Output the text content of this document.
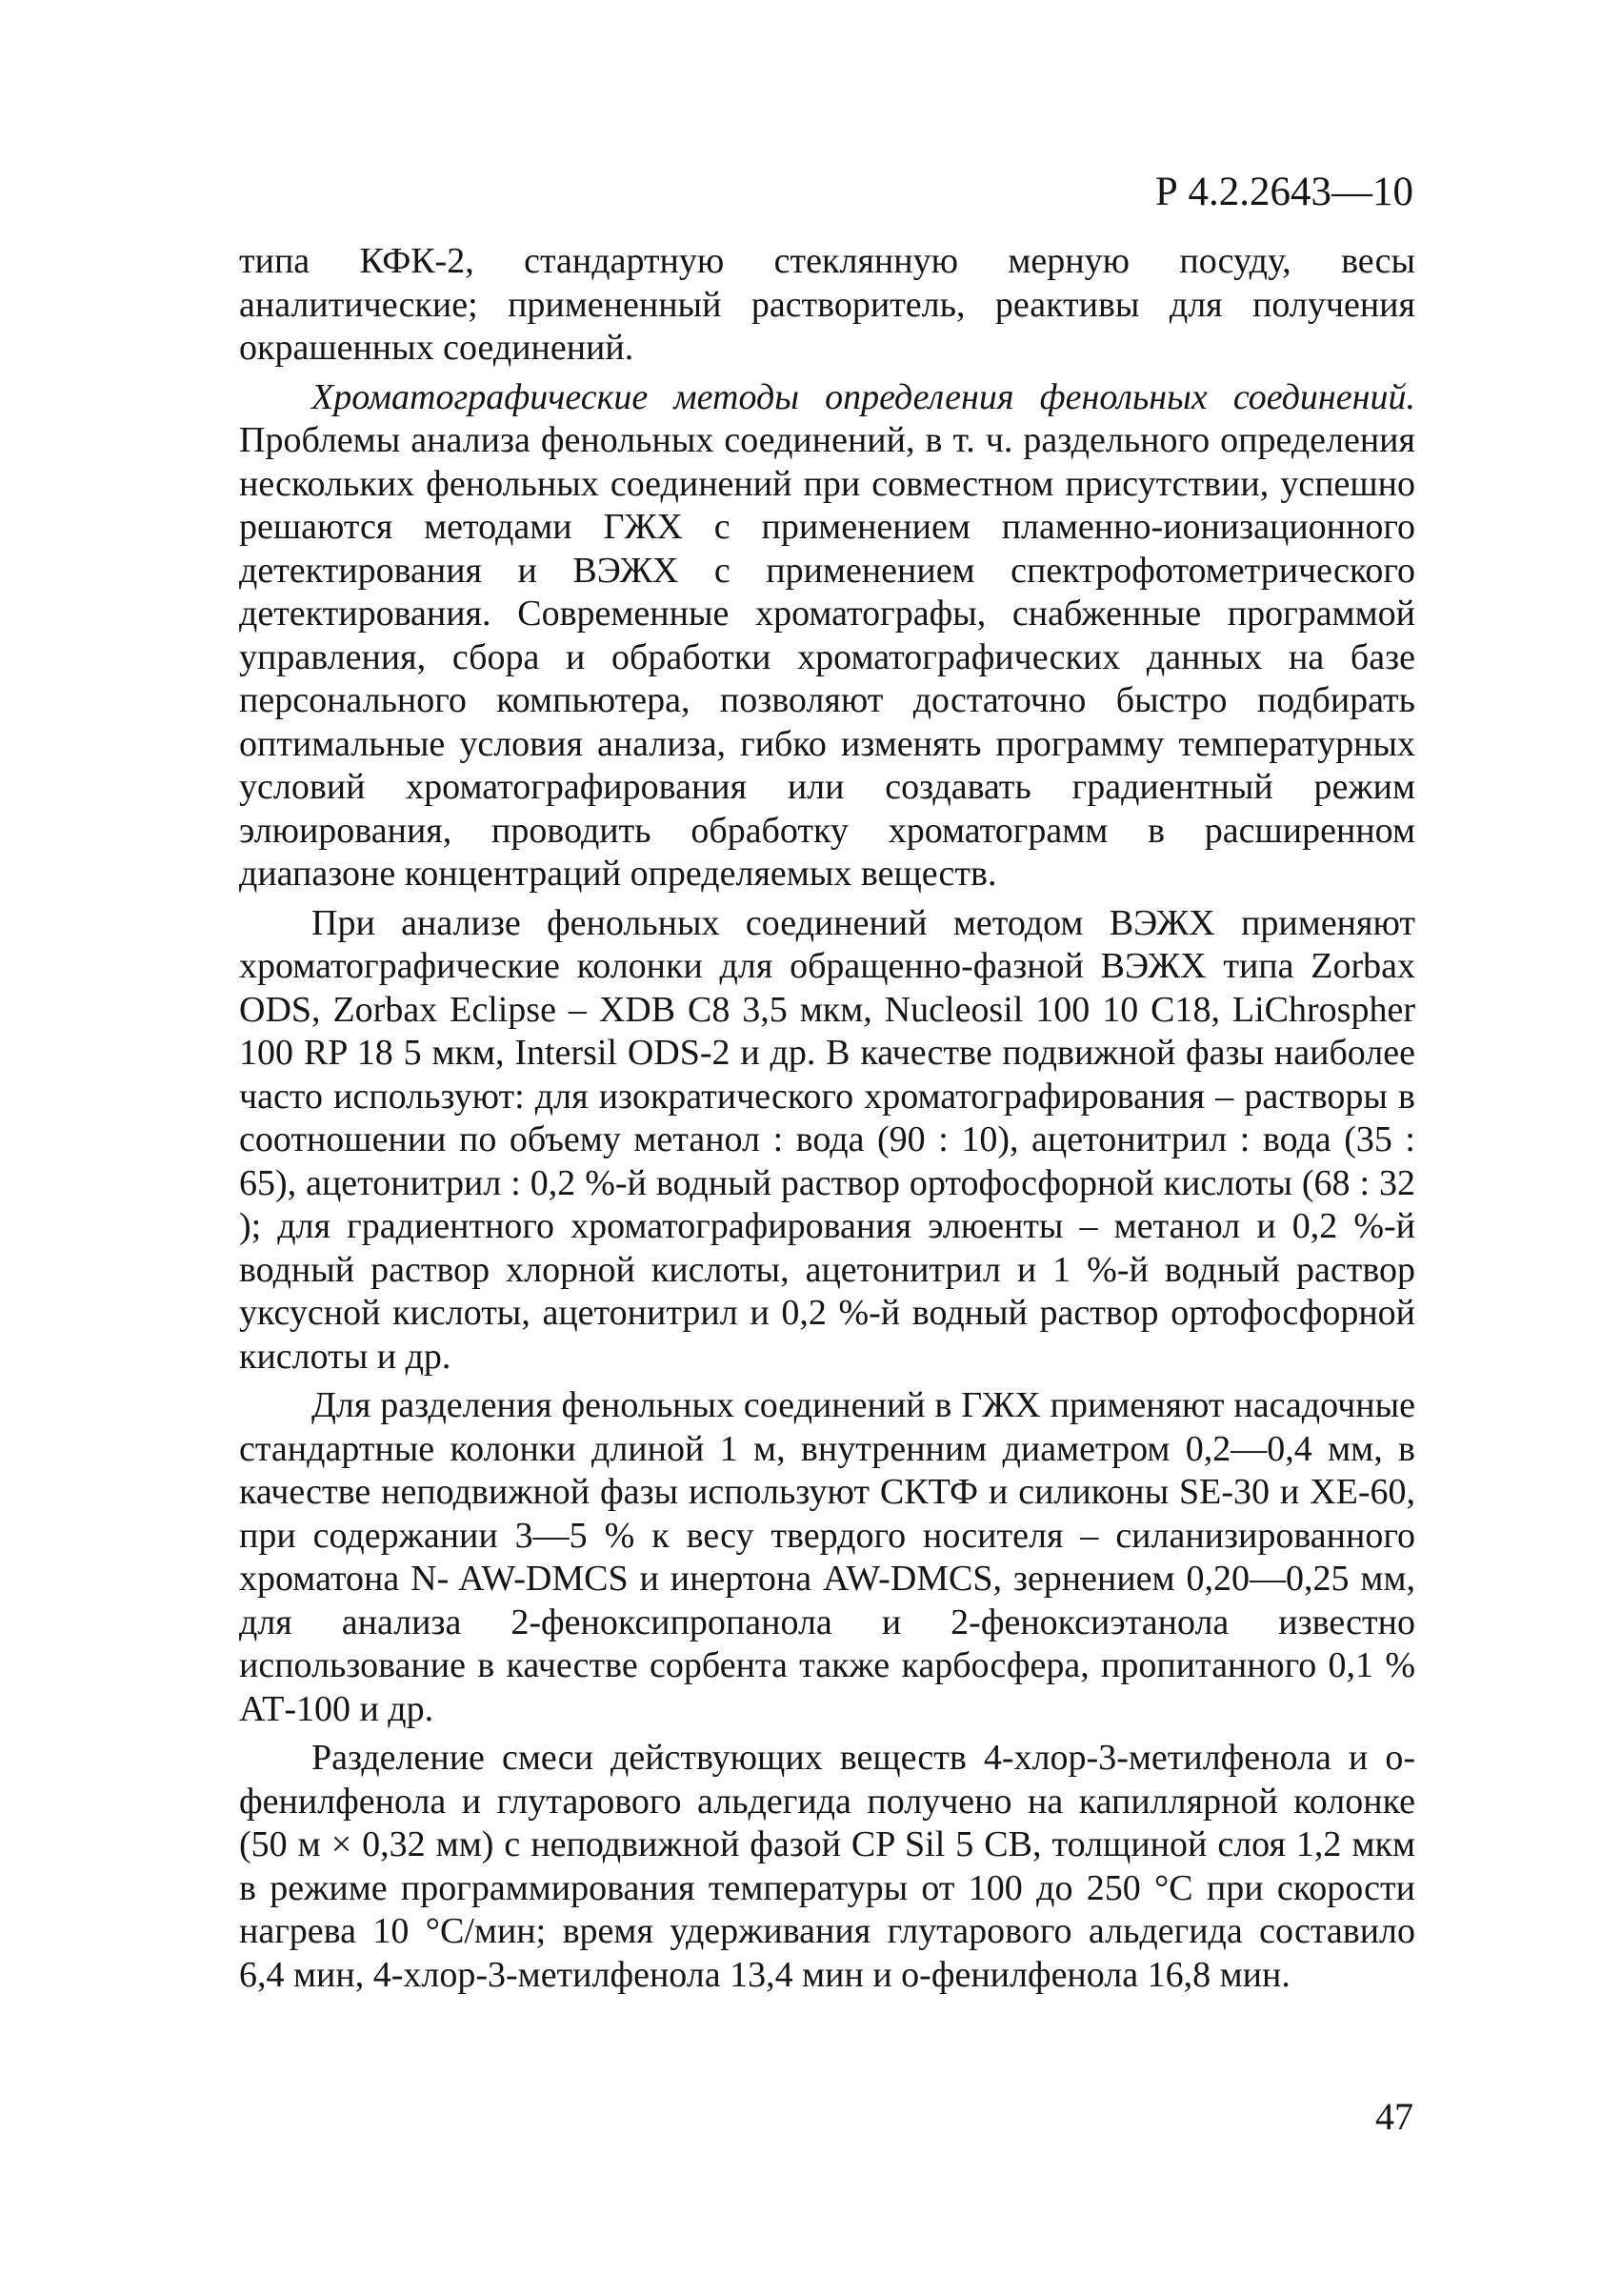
Р 4.2.2643—10

типа КФК-2, стандартную стеклянную мерную посуду, весы аналитические; примененный растворитель, реактивы для получения окрашенных соединений.

Хроматографические методы определения фенольных соединений. Проблемы анализа фенольных соединений, в т. ч. раздельного определения нескольких фенольных соединений при совместном присутствии, успешно решаются методами ГЖХ с применением пламенно-ионизационного детектирования и ВЭЖХ с применением спектрофотометрического детектирования. Современные хроматографы, снабженные программой управления, сбора и обработки хроматографических данных на базе персонального компьютера, позволяют достаточно быстро подбирать оптимальные условия анализа, гибко изменять программу температурных условий хроматографирования или создавать градиентный режим элюирования, проводить обработку хроматограмм в расширенном диапазоне концентраций определяемых веществ.

При анализе фенольных соединений методом ВЭЖХ применяют хроматографические колонки для обращенно-фазной ВЭЖХ типа Zorbax ODS, Zorbax Eclipse – XDB C8 3,5 мкм, Nucleosil 100 10 C18, LiChrospher 100 RP 18 5 мкм, Intersil ODS-2 и др. В качестве подвижной фазы наиболее часто используют: для изократического хроматографирования – растворы в соотношении по объему метанол : вода (90 : 10), ацетонитрил : вода (35 : 65), ацетонитрил : 0,2 %-й водный раствор ортофосфорной кислоты (68 : 32 ); для градиентного хроматографирования элюенты – метанол и 0,2 %-й водный раствор хлорной кислоты, ацетонитрил и 1 %-й водный раствор уксусной кислоты, ацетонитрил и 0,2 %-й водный раствор ортофосфорной кислоты и др.

Для разделения фенольных соединений в ГЖХ применяют насадочные стандартные колонки длиной 1 м, внутренним диаметром 0,2—0,4 мм, в качестве неподвижной фазы используют СКТФ и силиконы SE-30 и XE-60, при содержании 3—5 % к весу твердого носителя – силанизированного хроматона N- AW-DMCS и инертона AW-DMCS, зернением 0,20—0,25 мм, для анализа 2-феноксипропанола и 2-феноксиэтанола известно использование в качестве сорбента также карбосфера, пропитанного 0,1 % АТ-100 и др.

Разделение смеси действующих веществ 4-хлор-3-метилфенола и о-фенилфенола и глутарового альдегида получено на капиллярной колонке (50 м × 0,32 мм) с неподвижной фазой CP Sil 5 CB, толщиной слоя 1,2 мкм в режиме программирования температуры от 100 до 250 °С при скорости нагрева 10 °С/мин; время удерживания глутарового альдегида составило 6,4 мин, 4-хлор-3-метилфенола 13,4 мин и о-фенилфенола 16,8 мин.

47
